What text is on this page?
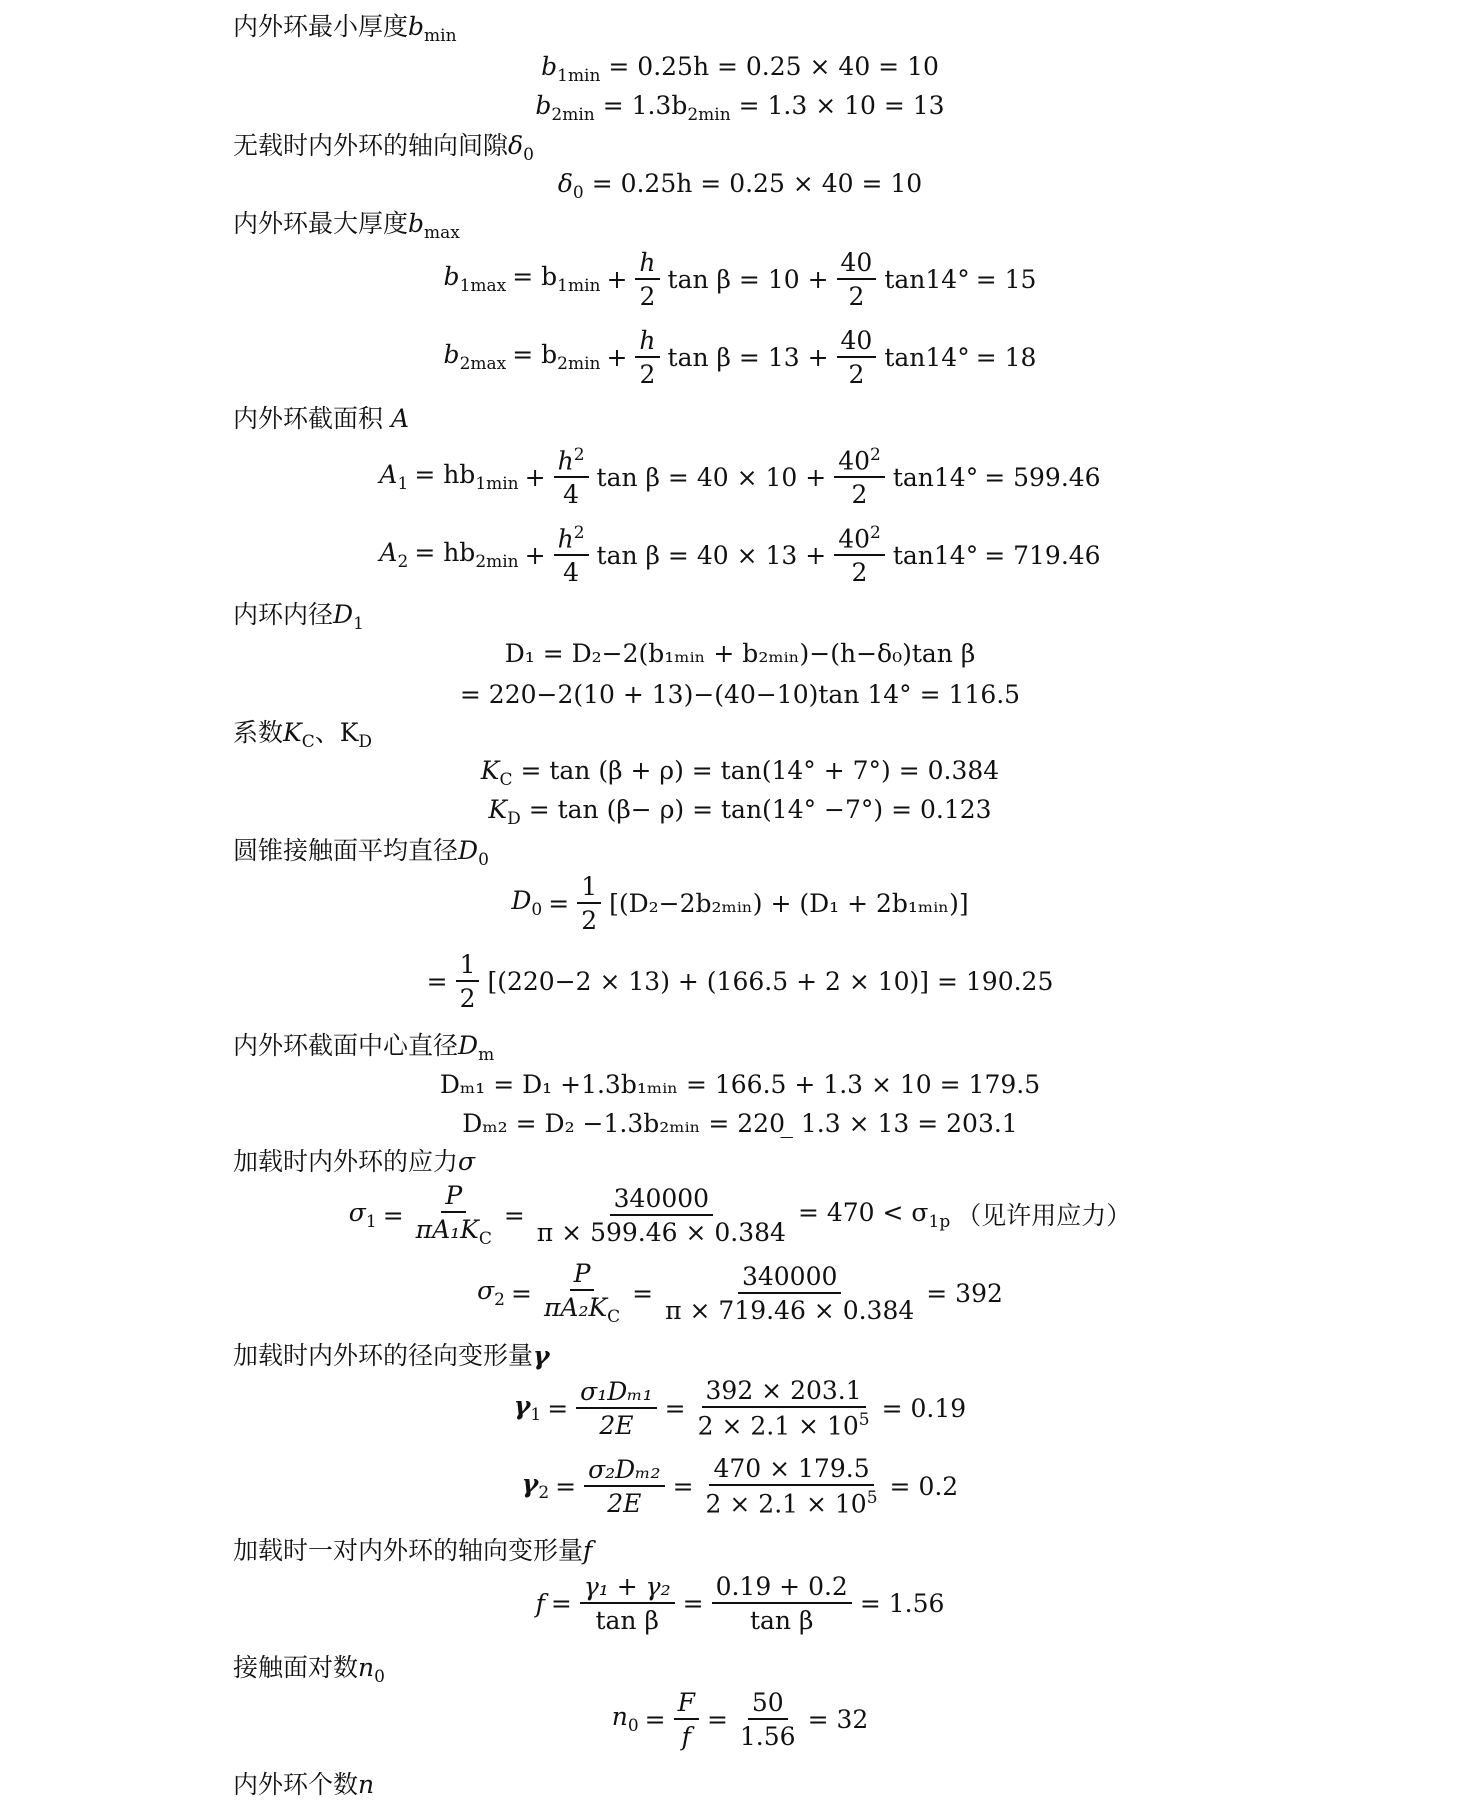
内外环最小厚度$b_{min}$
$b_{1min} = 0.25h = 0.25 \times 40 = 10$
$b_{2min} = 1.3b_{2min} = 1.3 \times 10 = 13$
无载时内外环的轴向间隙$\delta_0$
$\delta_0 = 0.25h = 0.25 \times 40 = 10$
内外环最大厚度$b_{max}$
$b_{1max} = b_{1min} + \frac{h}{2}$ $\tan \beta = 10 + \frac{40}{2} \tan 14^\circ = 15$
$b_{2max} = b_{2min} + \frac{h}{2}$ $\tan \beta = 13 + \frac{40}{2} \tan 14^\circ = 18$
内外环截面积 A
$A_1 = hb_{1min} + \frac{h^2}{4}$ $\tan \beta = 40 \times 10 + \frac{40^2}{2} \tan 14^\circ = 599.46$
$A_2 = hb_{2min} + \frac{h^2}{4}$ $\tan \beta = 40 \times 13 + \frac{40^2}{2} \tan 14^\circ = 719.46$
内环内径$D_1$
D₁ = D₂−2(b₁ₘᵢₙ + b₂ₘᵢₙ)−(h−δ₀)tan β
= 220−2(10 + 13)−(40−10)tan 14° = 116.5
系数$K_C$、$K_D$
$K_C = \tan (\beta + \rho) = \tan(14^\circ + 7^\circ) = 0.384$
$K_D = \tan (\beta- \rho) = \tan(14^\circ -7^\circ) = 0.123$
圆锥接触面平均直径$D_0$
$D_0 = \frac{1}{2}$ [(D₂−2b₂ₘᵢₙ) + (D₁ + 2b₁ₘᵢₙ)]
= $\frac{1}{2} [(220-2 \times 13) + (166.5 + 2 \times 10)] = 190.25$
内外环截面中心直径$D_m$
Dₘ₁ = D₁ +1.3b₁ₘᵢₙ = 166.5 + 1.3 × 10 = 179.5
Dₘ₂ = D₂ −1.3b₂ₘᵢₙ = 220 ̲ 1.3 × 13 = 203.1
加载时内外环的应力σ
$\sigma_1 = \frac{P}{\pi A_1K_C} = \frac{340000}{\pi \times 599.46 \times 0.384} = 470 < \sigma_{1p}$ （见许用应力）
$\sigma_2 = \frac{P}{\pi A_2K_C} = \frac{340000}{\pi \times 719.46 \times 0.384} = 392$
加载时内外环的径向变形量γ
$\gamma_1 = \frac{\text{σ₁Dₘ₁}}{2E} = \frac{392 \times 203.1}{2 \times 2.1 \times 10^5} = 0.19$
$\gamma_2 = \frac{\text{σ₂Dₘ₂}}{2E} = \frac{470 \times 179.5}{2 \times 2.1 \times 10^5} = 0.2$
加载时一对内外环的轴向变形量f
$f = \frac{\text{γ₁ + γ₂}}{\text{tan β}} = \frac{0.19 + 0.2}{\text{tan β}} = 1.56$
接触面对数$n_0$
$n_0 = \frac{F}{f} = \frac{50}{1.56} = 32$
内外环个数n
